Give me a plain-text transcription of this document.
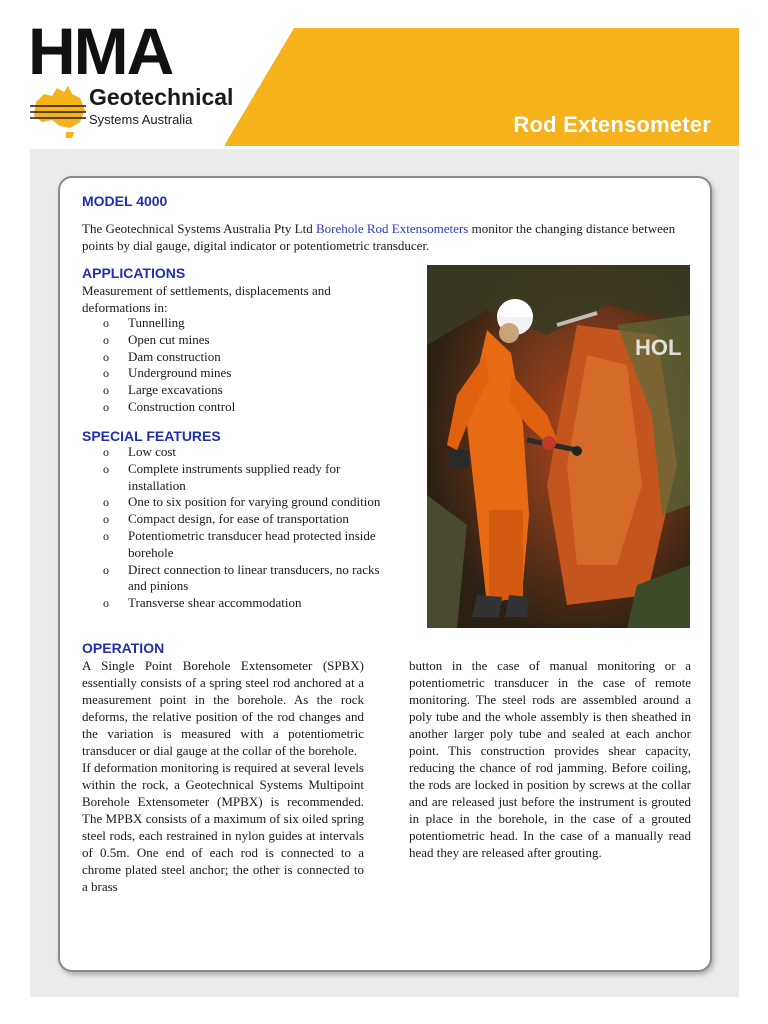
Rod Extensometer
HMA
Geotechnical
Systems Australia
MODEL 4000

The Geotechnical Systems Australia Pty Ltd Borehole Rod Extensometers monitor the changing distance between points by dial gauge, digital indicator or potentiometric transducer.

APPLICATIONS

Measurement of settlements, displacements and deformations in:

o Tunnelling
o Open cut mines
o Dam construction
o Underground mines
o Large excavations
o Construction control
SPECIAL FEATURES
o Low cost
o Complete instruments supplied ready for installation
o One to six position for varying ground condition
o Compact design, for ease of transportation
o Potentiometric transducer head protected inside borehole
o Direct connection to linear transducers, no racks and pinions
o Transverse shear accommodation
HOL
OPERATION

A Single Point Borehole Extensometer (SPBX) essentially consists of a spring steel rod anchored at a measurement point in the borehole. As the rock deforms, the relative position of the rod changes and the variation is measured with a potentiometric transducer or dial gauge at the collar of the borehole.

If deformation monitoring is required at several levels within the rock, a Geotechnical Systems Multipoint Borehole Extensometer (MPBX) is recommended. The MPBX consists of a maximum of six oiled spring steel rods, each restrained in nylon guides at intervals of 0.5m. One end of each rod is connected to a chrome plated steel anchor; the other is connected to a brass

button in the case of manual monitoring or a potentiometric transducer in the case of remote monitoring. The steel rods are assembled around a poly tube and the whole assembly is then sheathed in another larger poly tube and sealed at each anchor point. This construction provides shear capacity, reducing the chance of rod jamming. Before coiling, the rods are locked in position by screws at the collar and are released just before the instrument is grouted in place in the borehole, in the case of a grouted potentiometric head. In the case of a manually read head they are released after grouting.
